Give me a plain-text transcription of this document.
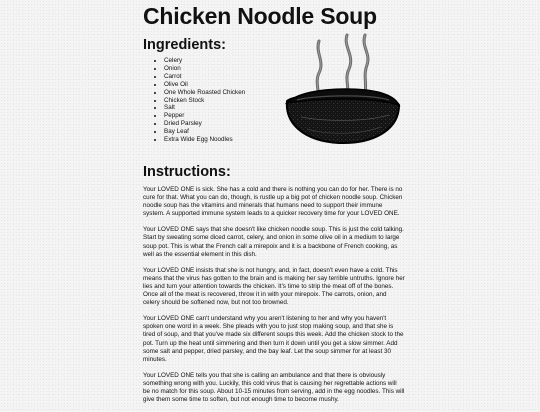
Chicken Noodle Soup
Ingredients:
• Celery
• Onion
• Carrot
• Olive Oil
• One Whole Roasted Chicken
• Chicken Stock
• Salt
• Pepper
• Dried Parsley
• Bay Leaf
• Extra Wide Egg Noodles
Instructions:

Your LOVED ONE is sick. She has a cold and there is nothing you can do for her. There is no cure for that. What you can do, though, is rustle up a big pot of chicken noodle soup. Chicken noodle soup has the vitamins and minerals that humans need to support their immune system. A supported immune system leads to a quicker recovery time for your LOVED ONE.

Your LOVED ONE says that she doesn't like chicken noodle soup. This is just the cold talking. Start by sweating some diced carrot, celery, and onion in some olive oil in a medium to large soup pot. This is what the French call a mirepoix and it is a backbone of French cooking, as well as the essential element in this dish.

Your LOVED ONE insists that she is not hungry, and, in fact, doesn't even have a cold. This means that the virus has gotten to the brain and is making her say terrible untruths. Ignore her lies and turn your attention towards the chicken. It's time to strip the meat off of the bones. Once all of the meat is recovered, throw it in with your mirepoix. The carrots, onion, and celery should be softened now, but not too browned.

Your LOVED ONE can't understand why you aren't listening to her and why you haven't spoken one word in a week. She pleads with you to just stop making soup, and that she is tired of soup, and that you've made six different soups this week. Add the chicken stock to the pot. Turn up the heat until simmering and then turn it down until you get a slow simmer. Add some salt and pepper, dried parsley, and the bay leaf. Let the soup simmer for at least 30 minutes.

Your LOVED ONE tells you that she is calling an ambulance and that there is obviously something wrong with you. Luckily, this cold virus that is causing her regrettable actions will be no match for this soup. About 10-15 minutes from serving, add in the egg noodles. This will give them some time to soften, but not enough time to become mushy.
